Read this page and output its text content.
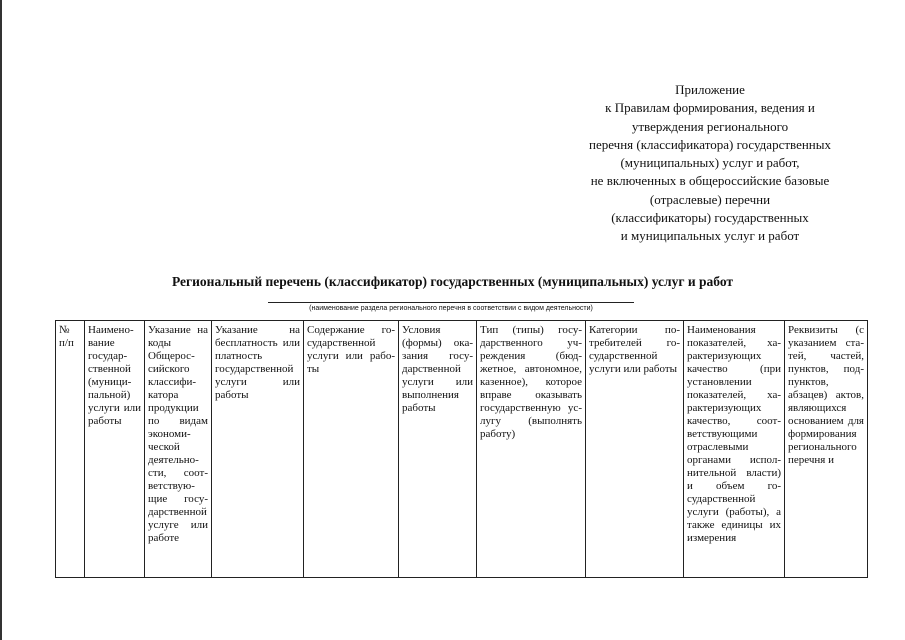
Приложение
к Правилам формирования, ведения и
утверждения регионального
перечня (классификатора) государственных
(муниципальных) услуг и работ,
не включенных в общероссийские базовые
(отраслевые) перечни
(классификаторы) государственных
и муниципальных услуг и работ
Региональный перечень (классификатор) государственных (муниципальных) услуг и работ
(наименование раздела регионального перечня в соответствии с видом деятельности)
№ п/п	Наименование государственной (муниципальной) услуги или работы	Указание на коды Общероссийского классификатора продукции по видам экономической деятельности, соответствующие государственной услуге или работе	Указание на бесплатность или платность государственной услуги или работы	Содержание государственной услуги или работы	Условия (формы) оказания государственной услуги или выполнения работы	Тип (типы) государственного учреждения (бюджетное, автономное, казенное), которое вправе оказывать государственную услугу (выполнять работу)	Категории потребителей государственной услуги или работы	Наименования показателей, характеризующих качество (при установлении показателей, характеризующих качество, соответствующими отраслевыми органами исполнительной власти) и объем государственной услуги (работы), а также единицы их измерения	Реквизиты (с указанием статей, частей, пунктов, подпунктов, абзацев) актов, являющихся основанием для формирования регионального перечня и
